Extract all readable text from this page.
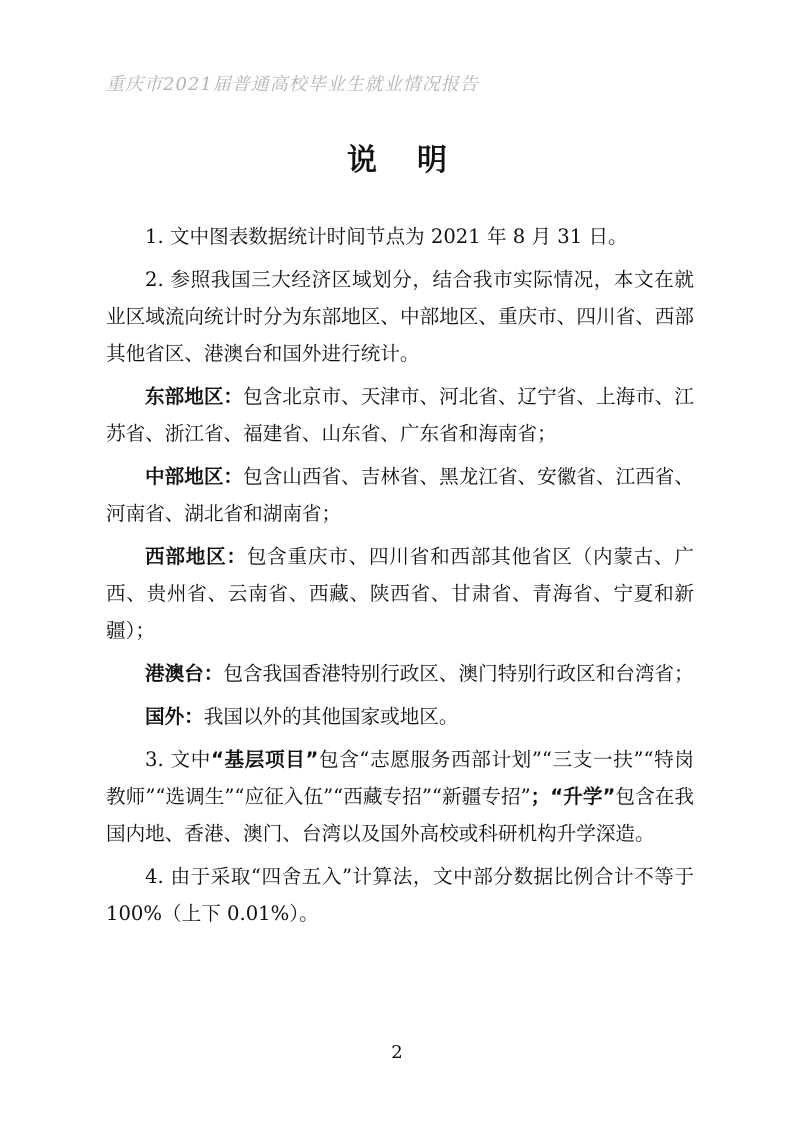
重庆市2021届普通高校毕业生就业情况报告
说明

1. 文中图表数据统计时间节点为 2021 年 8 月 31 日。

2. 参照我国三大经济区域划分，结合我市实际情况，本文在就业区域流向统计时分为东部地区、中部地区、重庆市、四川省、西部其他省区、港澳台和国外进行统计。

东部地区：包含北京市、天津市、河北省、辽宁省、上海市、江苏省、浙江省、福建省、山东省、广东省和海南省；

中部地区：包含山西省、吉林省、黑龙江省、安徽省、江西省、河南省、湖北省和湖南省；

西部地区：包含重庆市、四川省和西部其他省区（内蒙古、广西、贵州省、云南省、西藏、陕西省、甘肃省、青海省、宁夏和新疆）；

港澳台：包含我国香港特别行政区、澳门特别行政区和台湾省；

国外：我国以外的其他国家或地区。

3. 文中“基层项目”包含“志愿服务西部计划”“三支一扶”“特岗教师”“选调生”“应征入伍”“西藏专招”“新疆专招”；“升学”包含在我国内地、香港、澳门、台湾以及国外高校或科研机构升学深造。

4. 由于采取“四舍五入”计算法，文中部分数据比例合计不等于 100%（上下 0.01%）。

2
